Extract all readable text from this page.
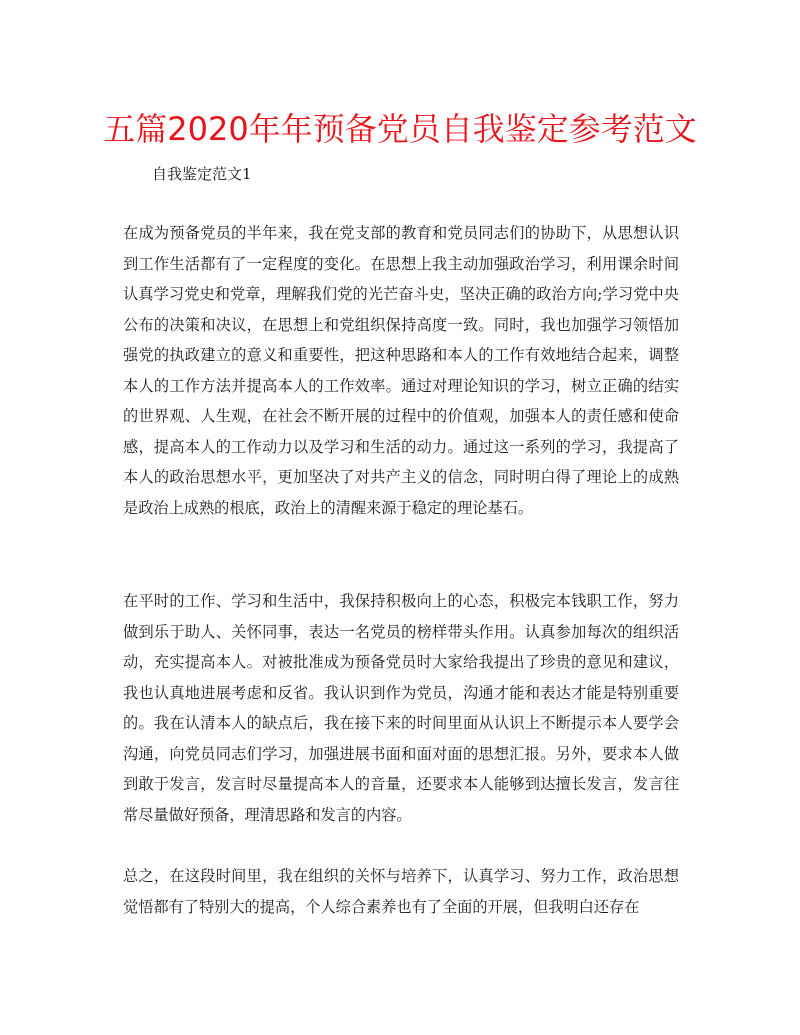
五篇2020年年预备党员自我鉴定参考范文

自我鉴定范文1

在成为预备党员的半年来，我在党支部的教育和党员同志们的协助下，从思想认识到工作生活都有了一定程度的变化。在思想上我主动加强政治学习，利用课余时间认真学习党史和党章，理解我们党的光芒奋斗史，坚决正确的政治方向;学习党中央公布的决策和决议，在思想上和党组织保持高度一致。同时，我也加强学习领悟加强党的执政建立的意义和重要性，把这种思路和本人的工作有效地结合起来，调整本人的工作方法并提高本人的工作效率。通过对理论知识的学习，树立正确的结实的世界观、人生观，在社会不断开展的过程中的价值观，加强本人的责任感和使命感，提高本人的工作动力以及学习和生活的动力。通过这一系列的学习，我提高了本人的政治思想水平，更加坚决了对共产主义的信念，同时明白得了理论上的成熟是政治上成熟的根底，政治上的清醒来源于稳定的理论基石。

在平时的工作、学习和生活中，我保持积极向上的心态，积极完本钱职工作，努力做到乐于助人、关怀同事，表达一名党员的榜样带头作用。认真参加每次的组织活动，充实提高本人。对被批准成为预备党员时大家给我提出了珍贵的意见和建议，我也认真地进展考虑和反省。我认识到作为党员，沟通才能和表达才能是特别重要的。我在认清本人的缺点后，我在接下来的时间里面从认识上不断提示本人要学会沟通，向党员同志们学习，加强进展书面和面对面的思想汇报。另外，要求本人做到敢于发言，发言时尽量提高本人的音量，还要求本人能够到达擅长发言，发言往常尽量做好预备，理清思路和发言的内容。

总之，在这段时间里，我在组织的关怀与培养下，认真学习、努力工作，政治思想觉悟都有了特别大的提高，个人综合素养也有了全面的开展，但我明白还存在
